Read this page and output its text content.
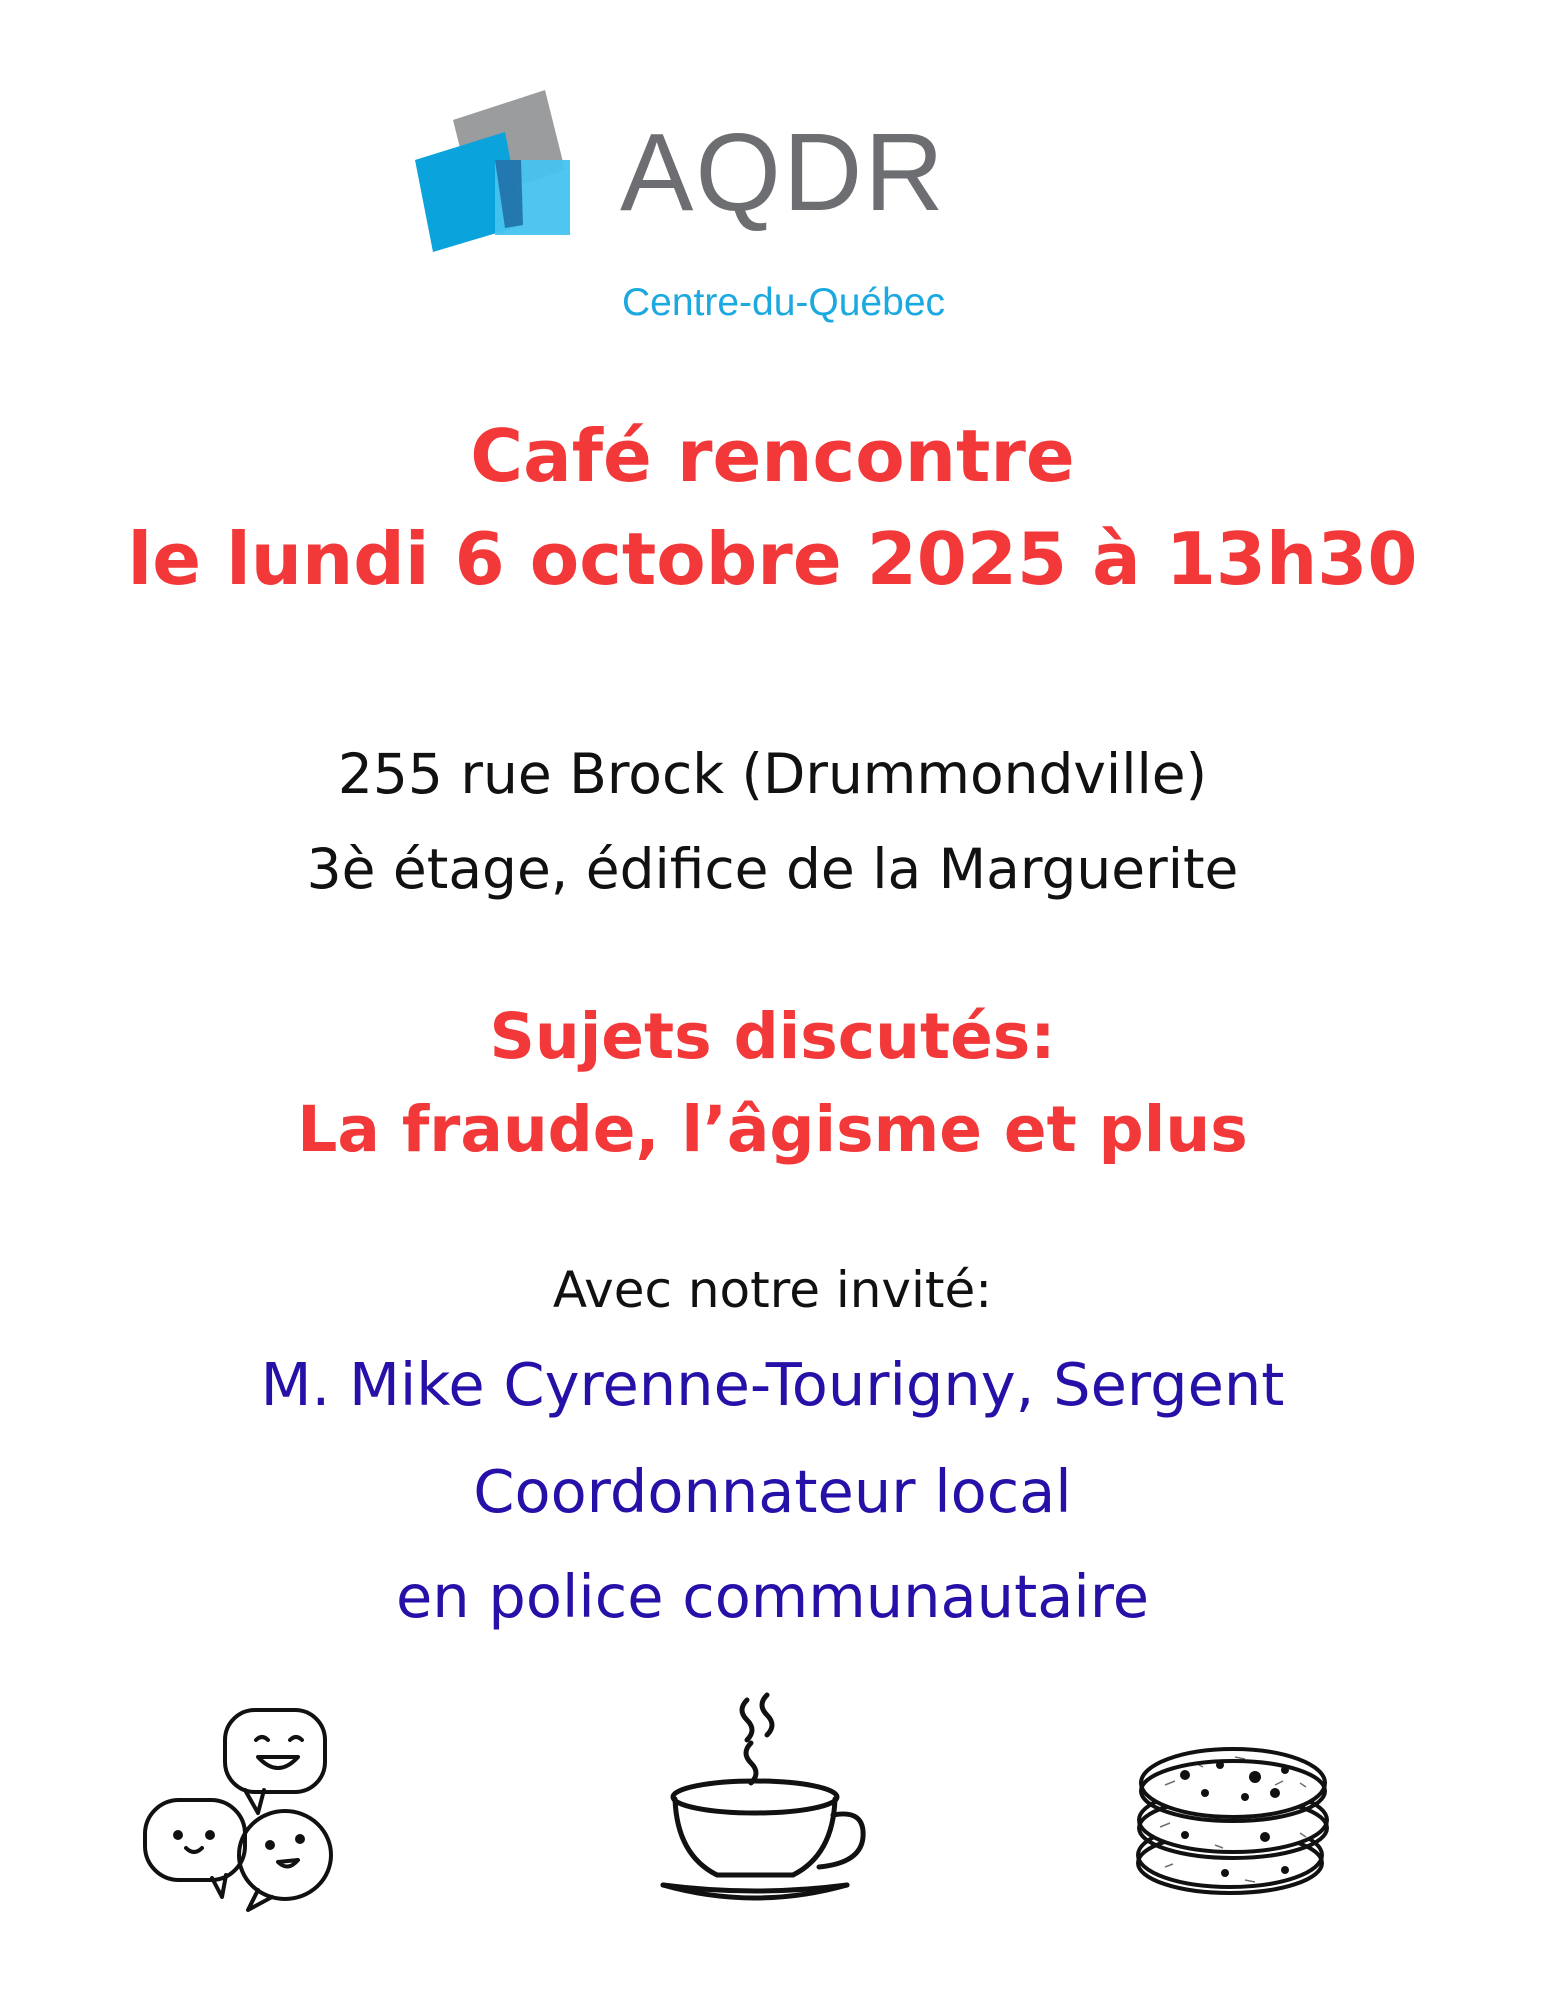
AQDR
Centre-du-Québec
Café rencontre
le lundi 6 octobre 2025 à 13h30
255 rue Brock (Drummondville)
3è étage, édifice de la Marguerite
Sujets discutés:
La fraude, l’âgisme et plus
Avec notre invité:
M. Mike Cyrenne-Tourigny, Sergent
Coordonnateur local
en police communautaire
